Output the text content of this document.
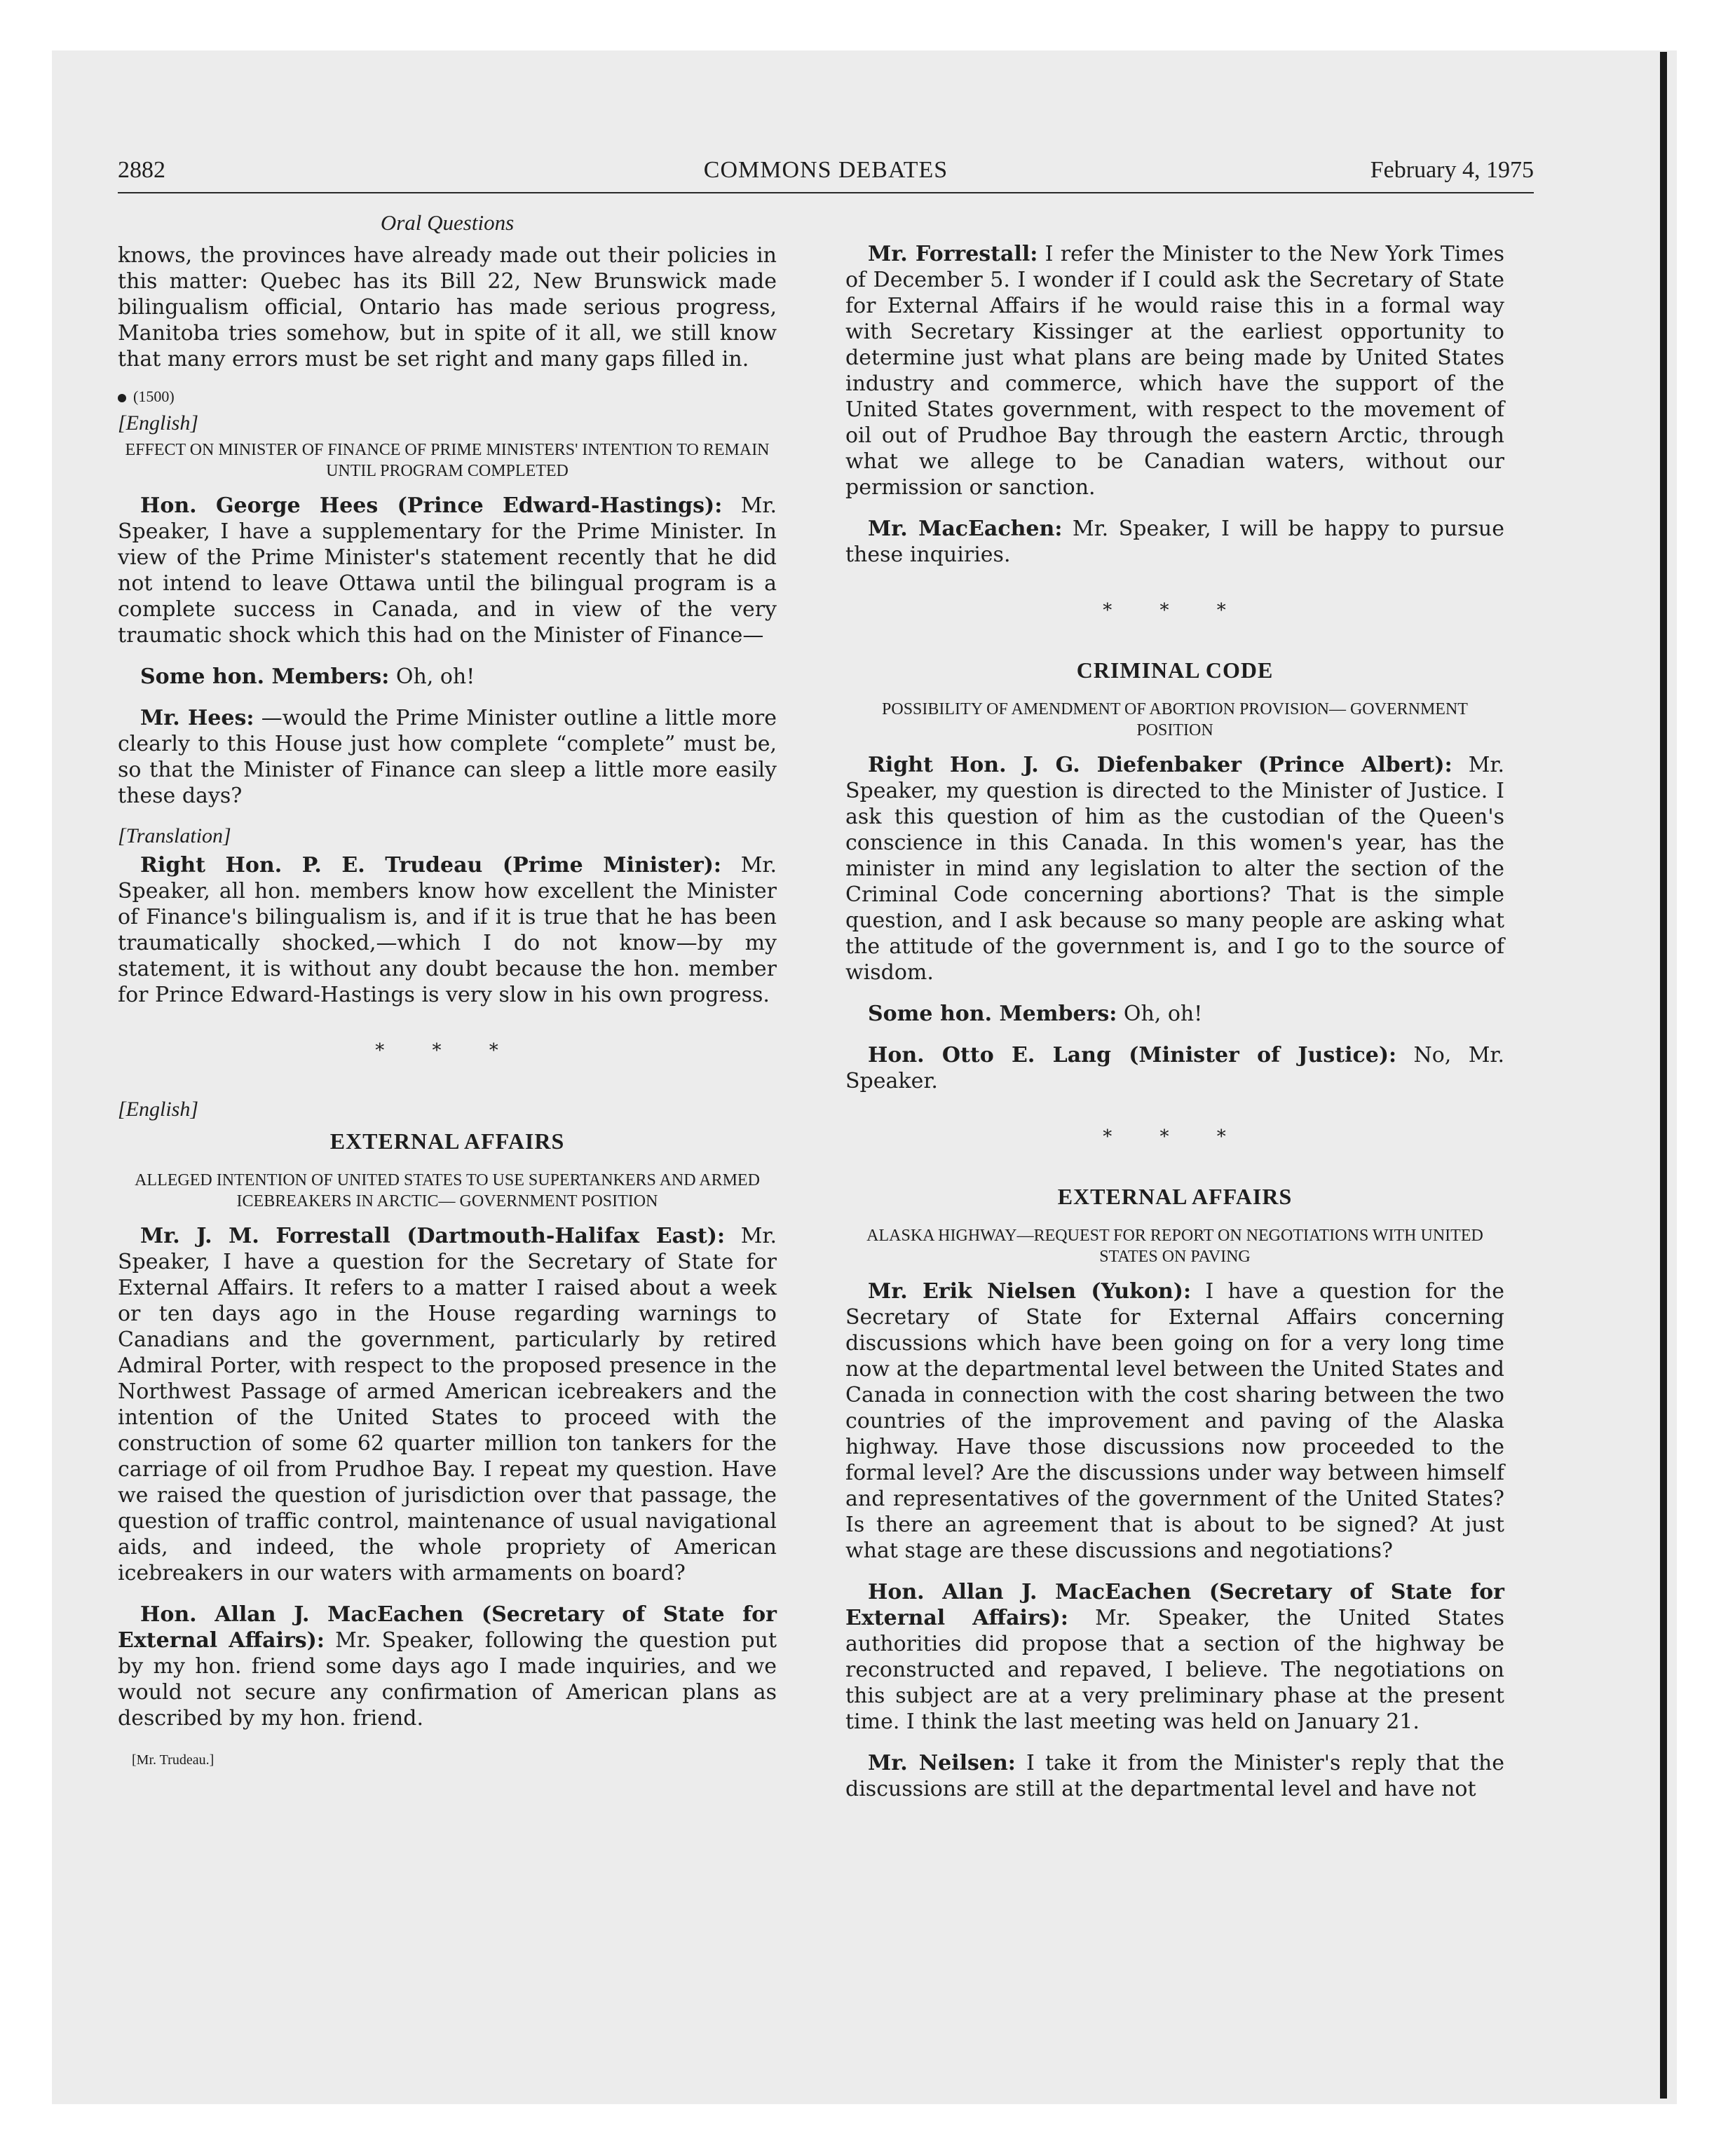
2882	COMMONS DEBATES	February 4, 1975
Oral Questions

knows, the provinces have already made out their policies in this matter: Quebec has its Bill 22, New Brunswick made bilingualism official, Ontario has made serious progress, Manitoba tries somehow, but in spite of it all, we still know that many errors must be set right and many gaps filled in.

(1500)
[English]
EFFECT ON MINISTER OF FINANCE OF PRIME MINISTERS' INTENTION TO REMAIN UNTIL PROGRAM COMPLETED

Hon. George Hees (Prince Edward-Hastings): Mr. Speaker, I have a supplementary for the Prime Minister. In view of the Prime Minister's statement recently that he did not intend to leave Ottawa until the bilingual program is a complete success in Canada, and in view of the very traumatic shock which this had on the Minister of Finance—

Some hon. Members: Oh, oh!

Mr. Hees: —would the Prime Minister outline a little more clearly to this House just how complete “complete” must be, so that the Minister of Finance can sleep a little more easily these days?

[Translation]

Right Hon. P. E. Trudeau (Prime Minister): Mr. Speaker, all hon. members know how excellent the Minister of Finance's bilingualism is, and if it is true that he has been traumatically shocked,—which I do not know—by my statement, it is without any doubt because the hon. member for Prince Edward-Hastings is very slow in his own progress.

* * *
[English]
EXTERNAL AFFAIRS
ALLEGED INTENTION OF UNITED STATES TO USE SUPERTANKERS AND ARMED ICEBREAKERS IN ARCTIC— GOVERNMENT POSITION

Mr. J. M. Forrestall (Dartmouth-Halifax East): Mr. Speaker, I have a question for the Secretary of State for External Affairs. It refers to a matter I raised about a week or ten days ago in the House regarding warnings to Canadians and the government, particularly by retired Admiral Porter, with respect to the proposed presence in the Northwest Passage of armed American icebreakers and the intention of the United States to proceed with the construction of some 62 quarter million ton tankers for the carriage of oil from Prudhoe Bay. I repeat my question. Have we raised the question of jurisdiction over that passage, the question of traffic control, maintenance of usual navigational aids, and indeed, the whole propriety of American icebreakers in our waters with armaments on board?

Hon. Allan J. MacEachen (Secretary of State for External Affairs): Mr. Speaker, following the question put by my hon. friend some days ago I made inquiries, and we would not secure any confirmation of American plans as described by my hon. friend.

[Mr. Trudeau.]

Mr. Forrestall: I refer the Minister to the New York Times of December 5. I wonder if I could ask the Secretary of State for External Affairs if he would raise this in a formal way with Secretary Kissinger at the earliest opportunity to determine just what plans are being made by United States industry and commerce, which have the support of the United States government, with respect to the movement of oil out of Prudhoe Bay through the eastern Arctic, through what we allege to be Canadian waters, without our permission or sanction.

Mr. MacEachen: Mr. Speaker, I will be happy to pursue these inquiries.

* * *
CRIMINAL CODE
POSSIBILITY OF AMENDMENT OF ABORTION PROVISION— GOVERNMENT POSITION

Right Hon. J. G. Diefenbaker (Prince Albert): Mr. Speaker, my question is directed to the Minister of Justice. I ask this question of him as the custodian of the Queen's conscience in this Canada. In this women's year, has the minister in mind any legislation to alter the section of the Criminal Code concerning abortions? That is the simple question, and I ask because so many people are asking what the attitude of the government is, and I go to the source of wisdom.

Some hon. Members: Oh, oh!

Hon. Otto E. Lang (Minister of Justice): No, Mr. Speaker.

* * *
EXTERNAL AFFAIRS
ALASKA HIGHWAY—REQUEST FOR REPORT ON NEGOTIATIONS WITH UNITED STATES ON PAVING

Mr. Erik Nielsen (Yukon): I have a question for the Secretary of State for External Affairs concerning discussions which have been going on for a very long time now at the departmental level between the United States and Canada in connection with the cost sharing between the two countries of the improvement and paving of the Alaska highway. Have those discussions now proceeded to the formal level? Are the discussions under way between himself and representatives of the government of the United States? Is there an agreement that is about to be signed? At just what stage are these discussions and negotiations?

Hon. Allan J. MacEachen (Secretary of State for External Affairs): Mr. Speaker, the United States authorities did propose that a section of the highway be reconstructed and repaved, I believe. The negotiations on this subject are at a very preliminary phase at the present time. I think the last meeting was held on January 21.

Mr. Neilsen: I take it from the Minister's reply that the discussions are still at the departmental level and have not
